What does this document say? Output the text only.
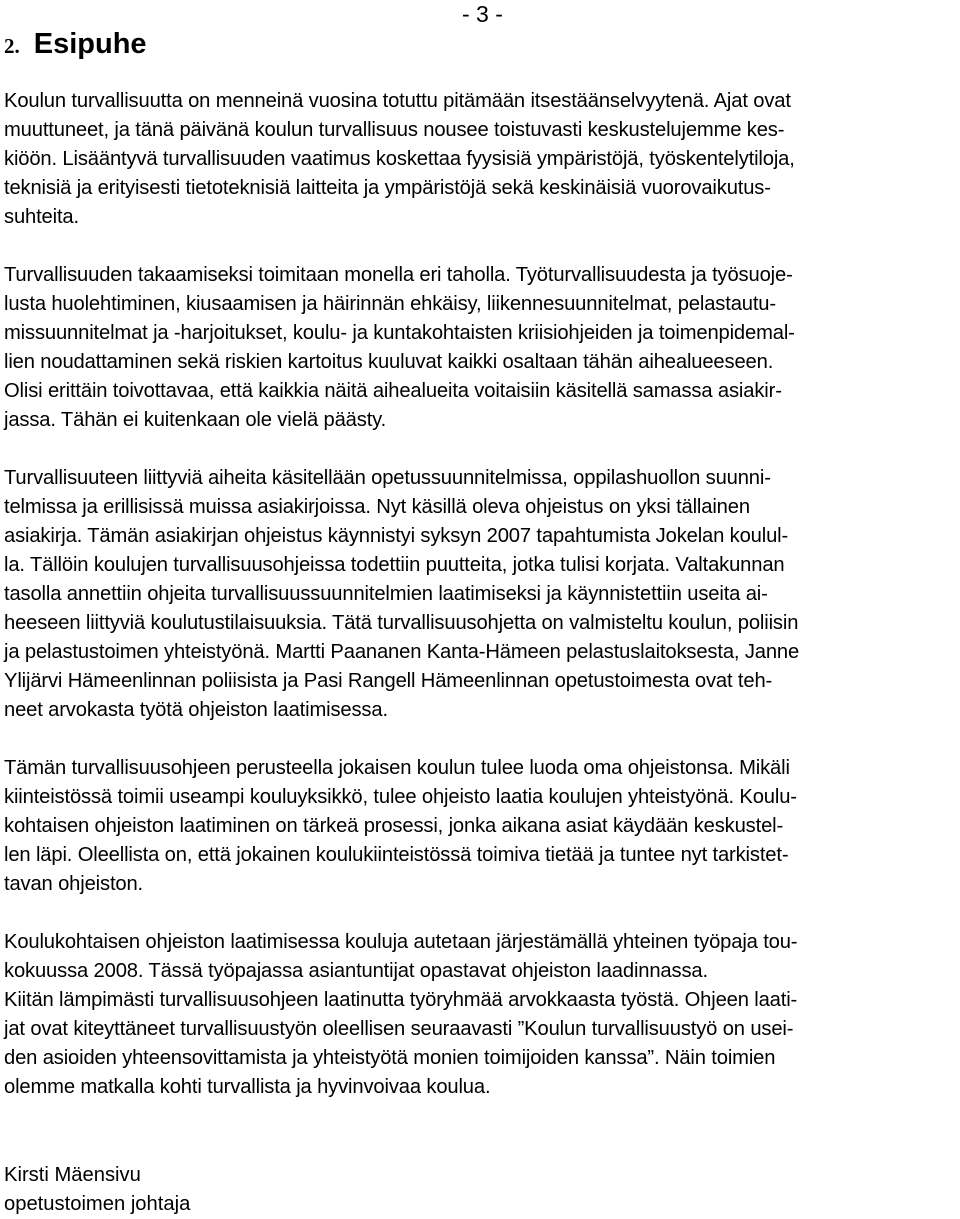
- 3 -
2. Esipuhe
Koulun turvallisuutta on menneinä vuosina totuttu pitämään itsestäänselvyytenä. Ajat ovat
muuttuneet, ja tänä päivänä koulun turvallisuus nousee toistuvasti keskustelujemme kes-
kiöön. Lisääntyvä turvallisuuden vaatimus koskettaa fyysisiä ympäristöjä, työskentelytiloja,
teknisiä ja erityisesti tietoteknisiä laitteita ja ympäristöjä sekä keskinäisiä vuorovaikutus-
suhteita.
Turvallisuuden takaamiseksi toimitaan monella eri taholla. Työturvallisuudesta ja työsuoje-
lusta huolehtiminen, kiusaamisen ja häirinnän ehkäisy, liikennesuunnitelmat, pelastautu-
missuunnitelmat ja -harjoitukset, koulu- ja kuntakohtaisten kriisiohjeiden ja toimenpidemal-
lien noudattaminen sekä riskien kartoitus kuuluvat kaikki osaltaan tähän aihealueeseen.
Olisi erittäin toivottavaa, että kaikkia näitä aihealueita voitaisiin käsitellä samassa asiakir-
jassa. Tähän ei kuitenkaan ole vielä päästy.
Turvallisuuteen liittyviä aiheita käsitellään opetussuunnitelmissa, oppilashuollon suunni-
telmissa ja erillisissä muissa asiakirjoissa. Nyt käsillä oleva ohjeistus on yksi tällainen
asiakirja. Tämän asiakirjan ohjeistus käynnistyi syksyn 2007 tapahtumista Jokelan koulul-
la. Tällöin koulujen turvallisuusohjeissa todettiin puutteita, jotka tulisi korjata. Valtakunnan
tasolla annettiin ohjeita turvallisuussuunnitelmien laatimiseksi ja käynnistettiin useita ai-
heeseen liittyviä koulutustilaisuuksia. Tätä turvallisuusohjetta on valmisteltu koulun, poliisin
ja pelastustoimen yhteistyönä. Martti Paananen Kanta-Hämeen pelastuslaitoksesta, Janne
Ylijärvi Hämeenlinnan poliisista ja Pasi Rangell Hämeenlinnan opetustoimesta ovat teh-
neet arvokasta työtä ohjeiston laatimisessa.
Tämän turvallisuusohjeen perusteella jokaisen koulun tulee luoda oma ohjeistonsa. Mikäli
kiinteistössä toimii useampi kouluyksikkö, tulee ohjeisto laatia koulujen yhteistyönä. Koulu-
kohtaisen ohjeiston laatiminen on tärkeä prosessi, jonka aikana asiat käydään keskustel-
len läpi. Oleellista on, että jokainen koulukiinteistössä toimiva tietää ja tuntee nyt tarkistet-
tavan ohjeiston.
Koulukohtaisen ohjeiston laatimisessa kouluja autetaan järjestämällä yhteinen työpaja tou-
kokuussa 2008. Tässä työpajassa asiantuntijat opastavat ohjeiston laadinnassa.
Kiitän lämpimästi turvallisuusohjeen laatinutta työryhmää arvokkaasta työstä. Ohjeen laati-
jat ovat kiteyttäneet turvallisuustyön oleellisen seuraavasti ”Koulun turvallisuustyö on usei-
den asioiden yhteensovittamista ja yhteistyötä monien toimijoiden kanssa”. Näin toimien
olemme matkalla kohti turvallista ja hyvinvoivaa koulua.
Kirsti Mäensivu
opetustoimen johtaja
